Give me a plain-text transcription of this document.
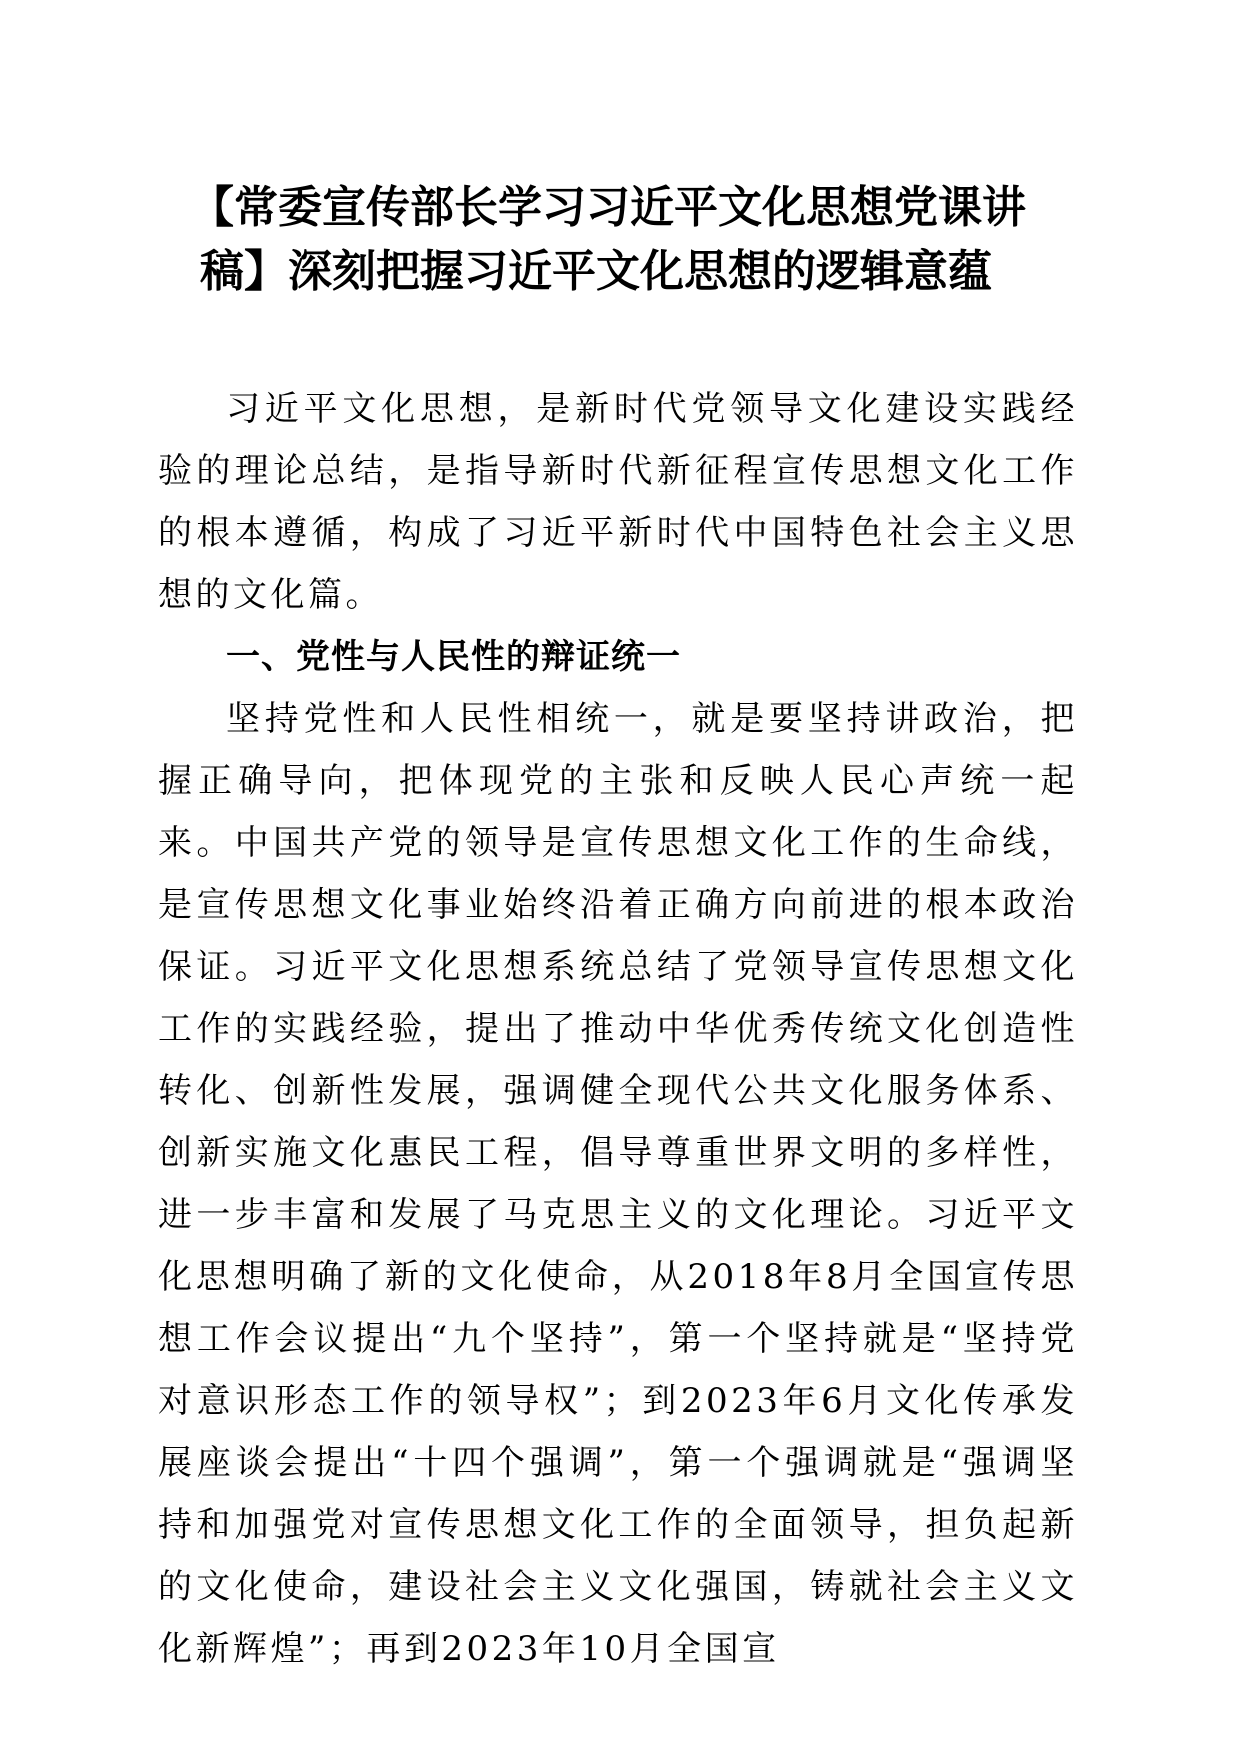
【常委宣传部长学习习近平文化思想党课讲
稿】深刻把握习近平文化思想的逻辑意蕴

习近平文化思想，是新时代党领导文化建设实践经验的理论总结，是指导新时代新征程宣传思想文化工作的根本遵循，构成了习近平新时代中国特色社会主义思想的文化篇。

一、党性与人民性的辩证统一

坚持党性和人民性相统一，就是要坚持讲政治，把握正确导向，把体现党的主张和反映人民心声统一起来。中国共产党的领导是宣传思想文化工作的生命线，是宣传思想文化事业始终沿着正确方向前进的根本政治保证。习近平文化思想系统总结了党领导宣传思想文化工作的实践经验，提出了推动中华优秀传统文化创造性转化、创新性发展，强调健全现代公共文化服务体系、创新实施文化惠民工程，倡导尊重世界文明的多样性，进一步丰富和发展了马克思主义的文化理论。习近平文化思想明确了新的文化使命，从2018年8月全国宣传思想工作会议提出“九个坚持”，第一个坚持就是“坚持党对意识形态工作的领导权”；到2023年6月文化传承发展座谈会提出“十四个强调”，第一个强调就是“强调坚持和加强党对宣传思想文化工作的全面领导，担负起新的文化使命，建设社会主义文化强国，铸就社会主义文化新辉煌”；再到2023年10月全国宣
